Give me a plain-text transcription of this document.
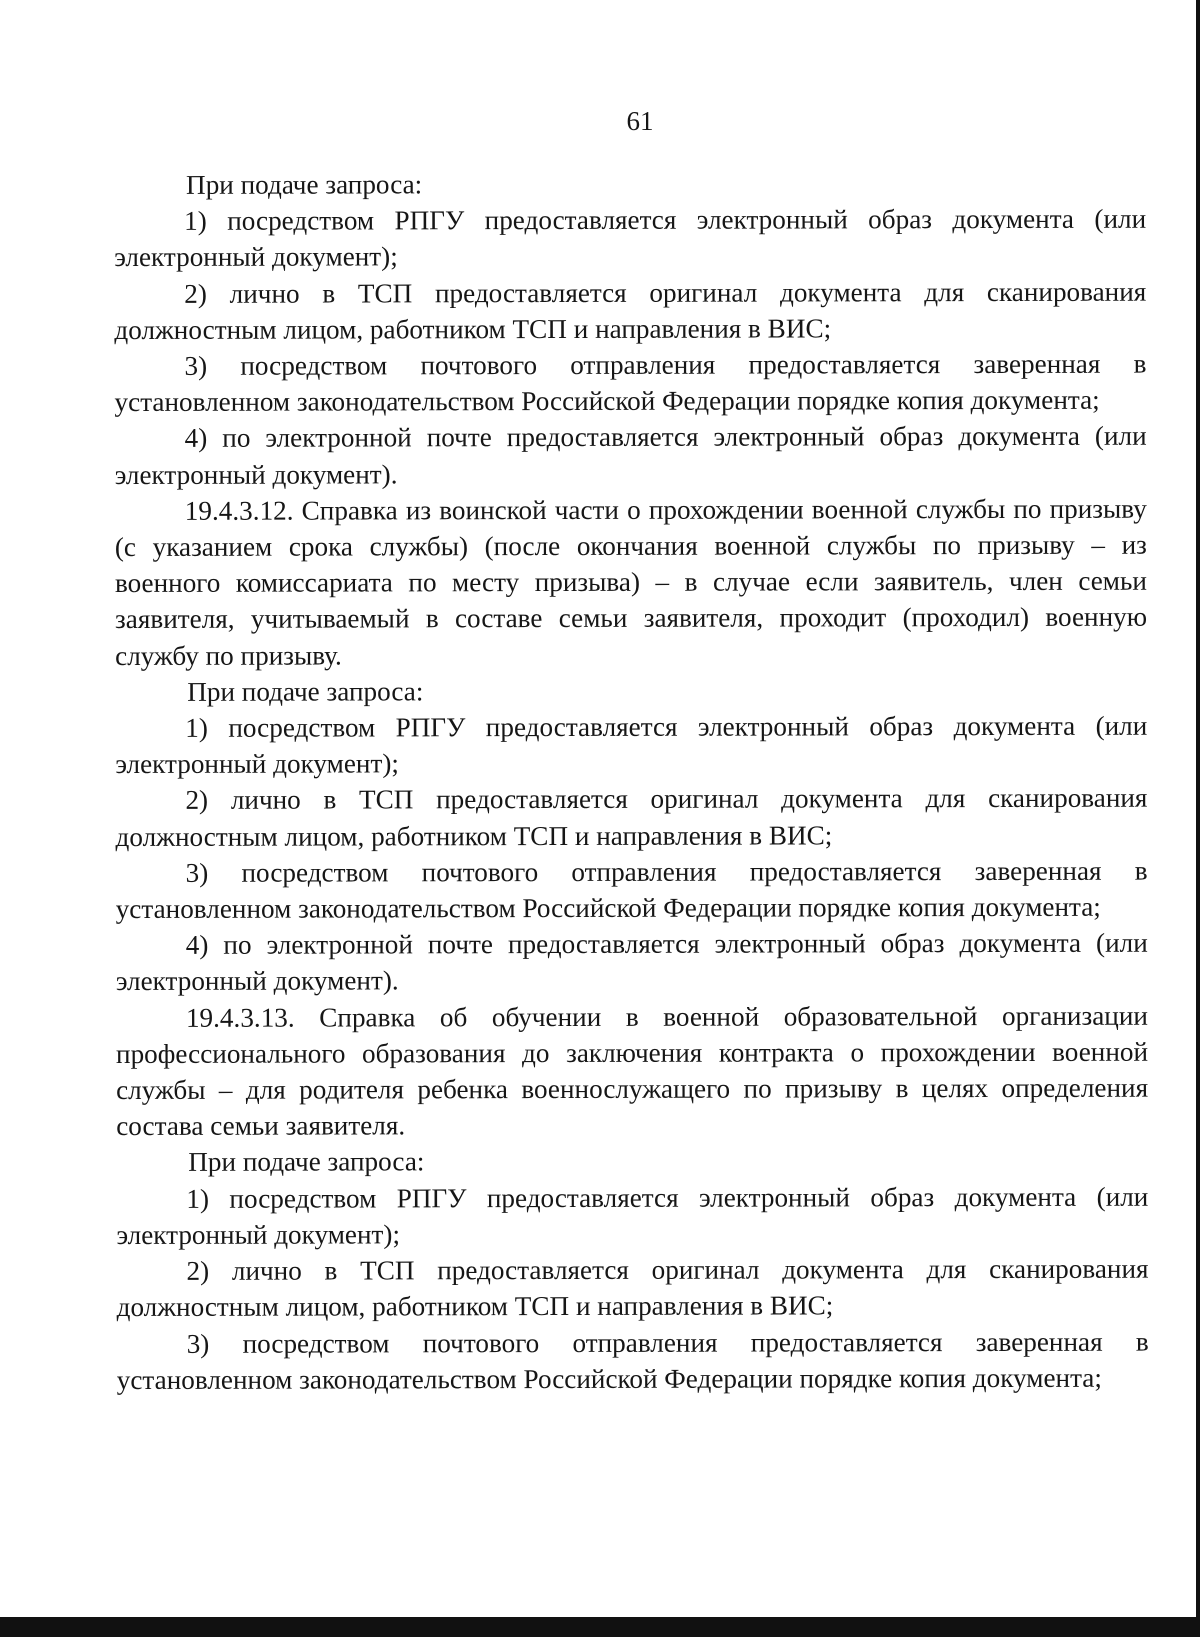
61

При подаче запроса:

1) посредством РПГУ предоставляется электронный образ документа (или электронный документ);

2) лично в ТСП предоставляется оригинал документа для сканирования должностным лицом, работником ТСП и направления в ВИС;

3) посредством почтового отправления предоставляется заверенная в установленном законодательством Российской Федерации порядке копия документа;

4) по электронной почте предоставляется электронный образ документа (или электронный документ).

19.4.3.12. Справка из воинской части о прохождении военной службы по призыву (с указанием срока службы) (после окончания военной службы по призыву – из военного комиссариата по месту призыва) – в случае если заявитель, член семьи заявителя, учитываемый в составе семьи заявителя, проходит (проходил) военную службу по призыву.

При подаче запроса:

1) посредством РПГУ предоставляется электронный образ документа (или электронный документ);

2) лично в ТСП предоставляется оригинал документа для сканирования должностным лицом, работником ТСП и направления в ВИС;

3) посредством почтового отправления предоставляется заверенная в установленном законодательством Российской Федерации порядке копия документа;

4) по электронной почте предоставляется электронный образ документа (или электронный документ).

19.4.3.13. Справка об обучении в военной образовательной организации профессионального образования до заключения контракта о прохождении военной службы – для родителя ребенка военнослужащего по призыву в целях определения состава семьи заявителя.

При подаче запроса:

1) посредством РПГУ предоставляется электронный образ документа (или электронный документ);

2) лично в ТСП предоставляется оригинал документа для сканирования должностным лицом, работником ТСП и направления в ВИС;

3) посредством почтового отправления предоставляется заверенная в установленном законодательством Российской Федерации порядке копия документа;
